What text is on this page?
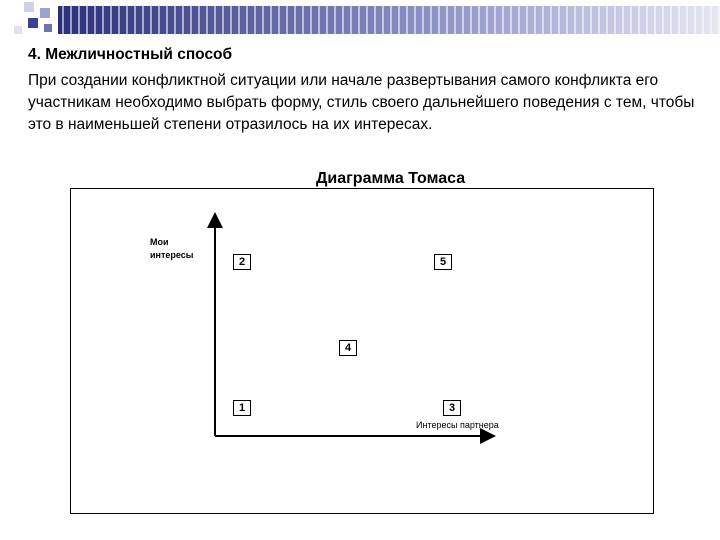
4. Межличностный способ
При создании конфликтной ситуации или начале развертывания самого конфликта его участникам необходимо выбрать форму, стиль своего дальнейшего поведения с тем, чтобы это в наименьшей степени отразилось на их интересах.
Диаграмма Томаса
Мои
интересы
Интересы партнера
1
2
3
4
5
